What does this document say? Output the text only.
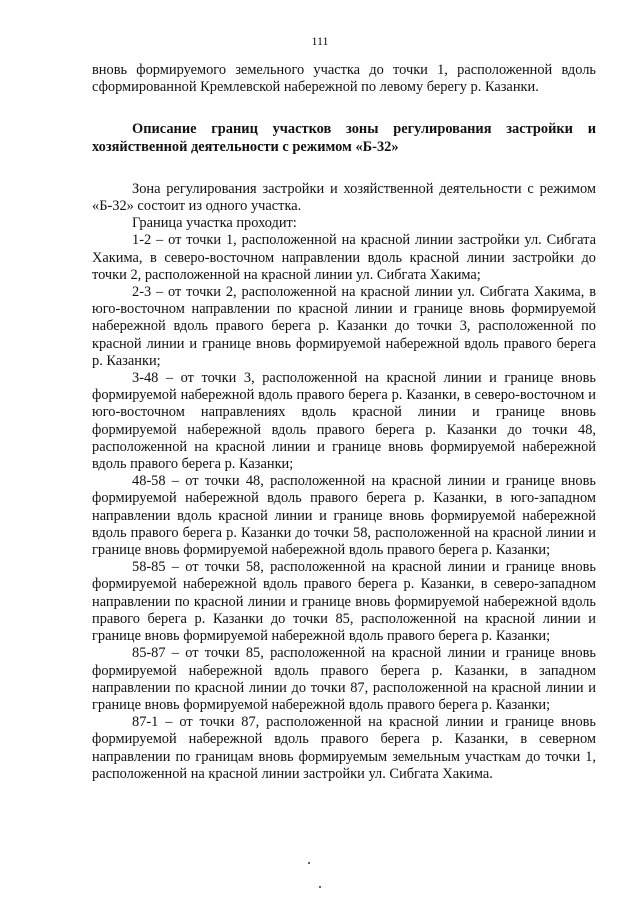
111

вновь формируемого земельного участка до точки 1, расположенной вдоль сформированной Кремлевской набережной по левому берегу р. Казанки.

Описание границ участков зоны регулирования застройки и хозяйственной деятельности с режимом «Б-32»

Зона регулирования застройки и хозяйственной деятельности с режимом «Б-32» состоит из одного участка.

Граница участка проходит:

1-2 – от точки 1, расположенной на красной линии застройки ул. Сибгата Хакима, в северо-восточном направлении вдоль красной линии застройки до точки 2, расположенной на красной линии ул. Сибгата Хакима;

2-3 – от точки 2, расположенной на красной линии ул. Сибгата Хакима, в юго-восточном направлении по красной линии и границе вновь формируемой набережной вдоль правого берега р. Казанки до точки 3, расположенной по красной линии и границе вновь формируемой набережной вдоль правого берега р. Казанки;

3-48 – от точки 3, расположенной на красной линии и границе вновь формируемой набережной вдоль правого берега р. Казанки, в северо-восточном и юго-восточном направлениях вдоль красной линии и границе вновь формируемой набережной вдоль правого берега р. Казанки до точки 48, расположенной на красной линии и границе вновь формируемой набережной вдоль правого берега р. Казанки;

48-58 – от точки 48, расположенной на красной линии и границе вновь формируемой набережной вдоль правого берега р. Казанки, в юго-западном направлении вдоль красной линии и границе вновь формируемой набережной вдоль правого берега р. Казанки до точки 58, расположенной на красной линии и границе вновь формируемой набережной вдоль правого берега р. Казанки;

58-85 – от точки 58, расположенной на красной линии и границе вновь формируемой набережной вдоль правого берега р. Казанки, в северо-западном направлении по красной линии и границе вновь формируемой набережной вдоль правого берега р. Казанки до точки 85, расположенной на красной линии и границе вновь формируемой набережной вдоль правого берега р. Казанки;

85-87 – от точки 85, расположенной на красной линии и границе вновь формируемой набережной вдоль правого берега р. Казанки, в западном направлении по красной линии до точки 87, расположенной на красной линии и границе вновь формируемой набережной вдоль правого берега р. Казанки;

87-1 – от точки 87, расположенной на красной линии и границе вновь формируемой набережной вдоль правого берега р. Казанки, в северном направлении по границам вновь формируемым земельным участкам до точки 1, расположенной на красной линии застройки ул. Сибгата Хакима.
